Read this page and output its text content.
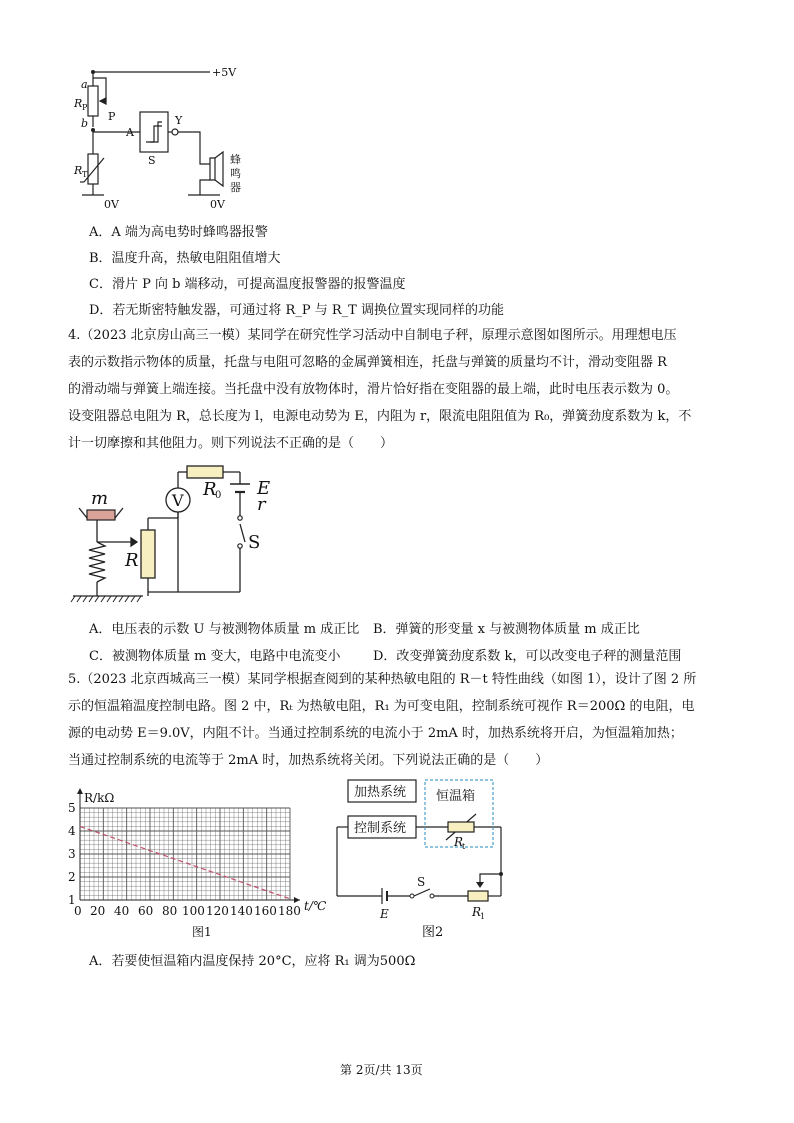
+5V
a
R P
P
b
A
Y
S
R T
0V	0V
蜂
鸣
器
A．A 端为高电势时蜂鸣器报警
B．温度升高，热敏电阻阻值增大
C．滑片 P 向 b 端移动，可提高温度报警器的报警温度
D．若无斯密特触发器，可通过将 R_P 与 R_T 调换位置实现同样的功能
4.（2023 北京房山高三一模）某同学在研究性学习活动中自制电子秤，原理示意图如图所示。用理想电压
表的示数指示物体的质量，托盘与电阻可忽略的金属弹簧相连，托盘与弹簧的质量均不计，滑动变阻器 R
的滑动端与弹簧上端连接。当托盘中没有放物体时，滑片恰好指在变阻器的最上端，此时电压表示数为 0。
设变阻器总电阻为 R，总长度为 l，电源电动势为 E，内阻为 r，限流电阻阻值为 R₀，弹簧劲度系数为 k，不
计一切摩擦和其他阻力。则下列说法不正确的是（　　）
m	V
R
0 E
r
R
S
A．电压表的示数 U 与被测物体质量 m 成正比 B．弹簧的形变量 x 与被测物体质量 m 成正比
C．被测物体质量 m 变大，电路中电流变小 D．改变弹簧劲度系数 k，可以改变电子秤的测量范围
5.（2023 北京西城高三一模）某同学根据查阅到的某种热敏电阻的 R－t 特性曲线（如图 1），设计了图 2 所
示的恒温箱温度控制电路。图 2 中，Rₜ 为热敏电阻，R₁ 为可变电阻，控制系统可视作 R＝200Ω 的电阻，电
源的电动势 E＝9.0V，内阻不计。当通过控制系统的电流小于 2mA 时，加热系统将开启，为恒温箱加热；
当通过控制系统的电流等于 2mA 时，加热系统将关闭。下列说法正确的是（　　）
R/kΩ
t/℃
1
2
3
4
5
0 20 40 60 80 100 120 140 160 180
图1
加热系统
控制系统
恒温箱
R
t
S
E	R
1
图2
A．若要使恒温箱内温度保持 20°C，应将 R₁ 调为500Ω
第 2页/共 13页
